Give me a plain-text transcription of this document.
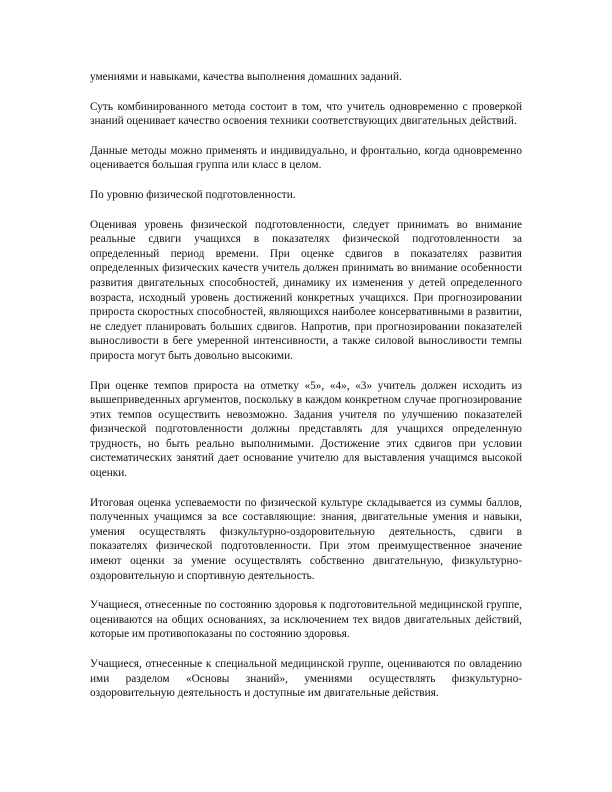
умениями и навыками, качества выполнения домашних заданий.

Суть комбинированного метода состоит в том, что учитель одновременно с проверкой знаний оценивает качество освоения техники соответствующих двигательных действий.

Данные методы можно применять и индивидуально, и фронтально, когда одновременно оценивается большая группа или класс в целом.

По уровню физической подготовленности.

Оценивая уровень физической подготовленности, следует принимать во внимание реальные сдвиги учащихся в показателях физической подготовленности за определенный период времени. При оценке сдвигов в показателях развития определенных физических качеств учитель должен принимать во внимание особенности развития двигательных способностей, динамику их изменения у детей определенного возраста, исходный уровень достижений конкретных учащихся. При прогнозировании прироста скоростных способностей, являющихся наиболее консервативными в развитии, не следует планировать больших сдвигов. Напротив, при прогнозировании показателей выносливости в беге умеренной интенсивности, а также силовой выносливости темпы прироста могут быть довольно высокими.

При оценке темпов прироста на отметку «5», «4», «3» учитель должен исходить из вышеприведенных аргументов, поскольку в каждом конкретном случае прогнозирование этих темпов осуществить невозможно. Задания учителя по улучшению показателей физической подготовленности должны представлять для учащихся определенную трудность, но быть реально выполнимыми. Достижение этих сдвигов при условии систематических занятий дает основание учителю для выставления учащимся высокой оценки.

Итоговая оценка успеваемости по физической культуре складывается из суммы баллов, полученных учащимся за все составляющие: знания, двигательные умения и навыки, умения осуществлять физкультурно-оздоровительную деятельность, сдвиги в показателях физической подготовленности. При этом преимущественное значение имеют оценки за умение осуществлять собственно двигательную, физкультурно-оздоровительную и спортивную деятельность.

Учащиеся, отнесенные по состоянию здоровья к подготовительной медицинской группе, оцениваются на общих основаниях, за исключением тех видов двигательных действий, которые им противопоказаны по состоянию здоровья.

Учащиеся, отнесенные к специальной медицинской группе, оцениваются по овладению ими разделом «Основы знаний», умениями осуществлять физкультурно-оздоровительную деятельность и доступные им двигательные действия.
